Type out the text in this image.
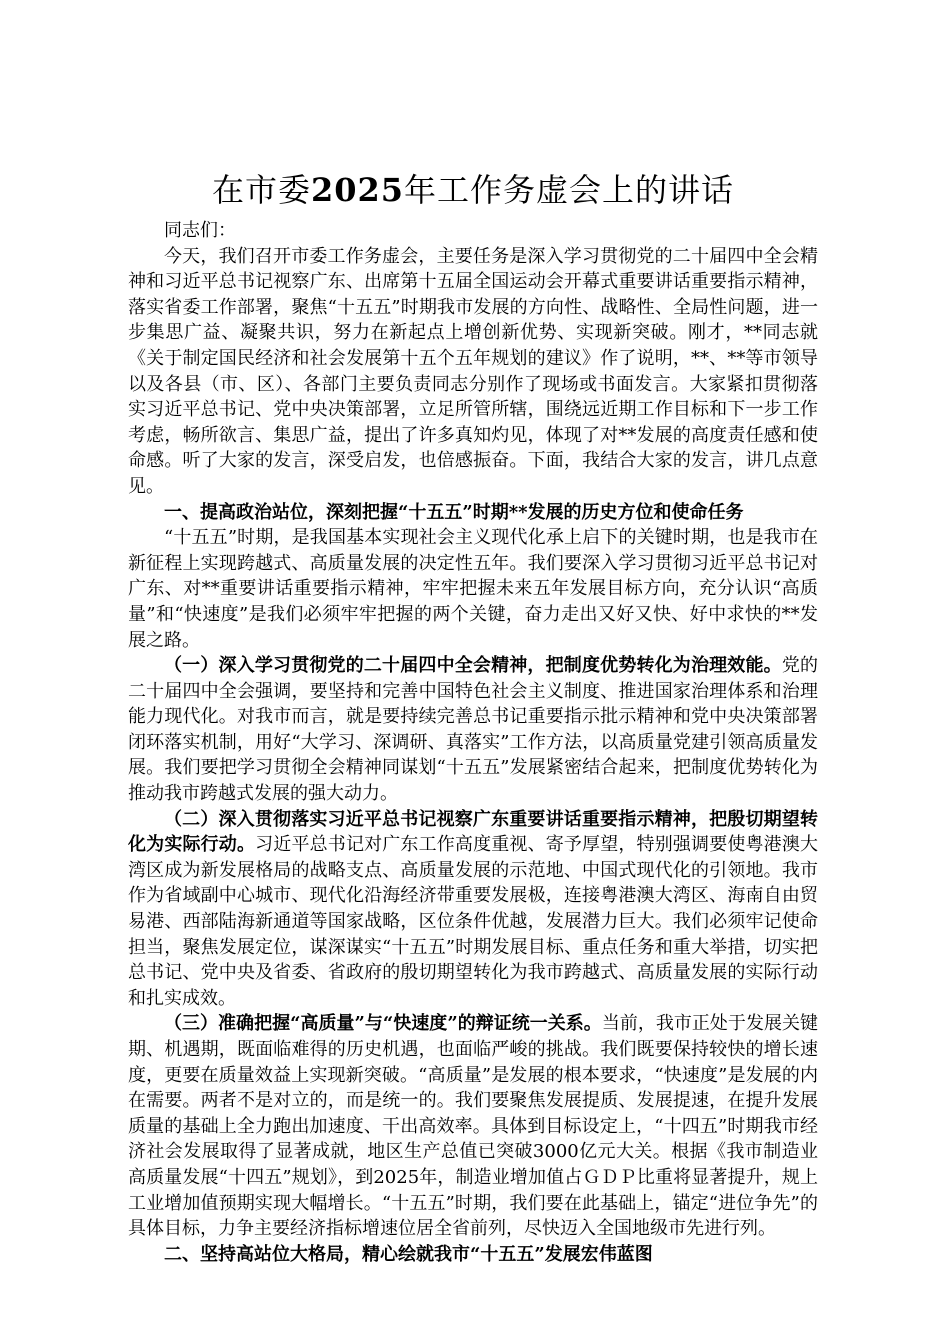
在市委2025年工作务虚会上的讲话

同志们：

今天，我们召开市委工作务虚会，主要任务是深入学习贯彻党的二十届四中全会精神和习近平总书记视察广东、出席第十五届全国运动会开幕式重要讲话重要指示精神，落实省委工作部署，聚焦“十五五”时期我市发展的方向性、战略性、全局性问题，进一步集思广益、凝聚共识，努力在新起点上增创新优势、实现新突破。刚才，**同志就《关于制定国民经济和社会发展第十五个五年规划的建议》作了说明，**、**等市领导以及各县（市、区）、各部门主要负责同志分别作了现场或书面发言。大家紧扣贯彻落实习近平总书记、党中央决策部署，立足所管所辖，围绕远近期工作目标和下一步工作考虑，畅所欲言、集思广益，提出了许多真知灼见，体现了对**发展的高度责任感和使命感。听了大家的发言，深受启发，也倍感振奋。下面，我结合大家的发言，讲几点意见。

一、提高政治站位，深刻把握“十五五”时期**发展的历史方位和使命任务

“十五五”时期，是我国基本实现社会主义现代化承上启下的关键时期，也是我市在新征程上实现跨越式、高质量发展的决定性五年。我们要深入学习贯彻习近平总书记对广东、对**重要讲话重要指示精神，牢牢把握未来五年发展目标方向，充分认识“高质量”和“快速度”是我们必须牢牢把握的两个关键，奋力走出又好又快、好中求快的**发展之路。

（一）深入学习贯彻党的二十届四中全会精神，把制度优势转化为治理效能。党的二十届四中全会强调，要坚持和完善中国特色社会主义制度、推进国家治理体系和治理能力现代化。对我市而言，就是要持续完善总书记重要指示批示精神和党中央决策部署闭环落实机制，用好“大学习、深调研、真落实”工作方法，以高质量党建引领高质量发展。我们要把学习贯彻全会精神同谋划“十五五”发展紧密结合起来，把制度优势转化为推动我市跨越式发展的强大动力。

（二）深入贯彻落实习近平总书记视察广东重要讲话重要指示精神，把殷切期望转化为实际行动。习近平总书记对广东工作高度重视、寄予厚望，特别强调要使粤港澳大湾区成为新发展格局的战略支点、高质量发展的示范地、中国式现代化的引领地。我市作为省域副中心城市、现代化沿海经济带重要发展极，连接粤港澳大湾区、海南自由贸易港、西部陆海新通道等国家战略，区位条件优越，发展潜力巨大。我们必须牢记使命担当，聚焦发展定位，谋深谋实“十五五”时期发展目标、重点任务和重大举措，切实把总书记、党中央及省委、省政府的殷切期望转化为我市跨越式、高质量发展的实际行动和扎实成效。

（三）准确把握“高质量”与“快速度”的辩证统一关系。当前，我市正处于发展关键期、机遇期，既面临难得的历史机遇，也面临严峻的挑战。我们既要保持较快的增长速度，更要在质量效益上实现新突破。“高质量”是发展的根本要求，“快速度”是发展的内在需要。两者不是对立的，而是统一的。我们要聚焦发展提质、发展提速，在提升发展质量的基础上全力跑出加速度、干出高效率。具体到目标设定上，“十四五”时期我市经济社会发展取得了显著成就，地区生产总值已突破3000亿元大关。根据《我市制造业高质量发展“十四五”规划》，到2025年，制造业增加值占ＧＤＰ比重将显著提升，规上工业增加值预期实现大幅增长。“十五五”时期，我们要在此基础上，锚定“进位争先”的具体目标，力争主要经济指标增速位居全省前列，尽快迈入全国地级市先进行列。

二、坚持高站位大格局，精心绘就我市“十五五”发展宏伟蓝图
